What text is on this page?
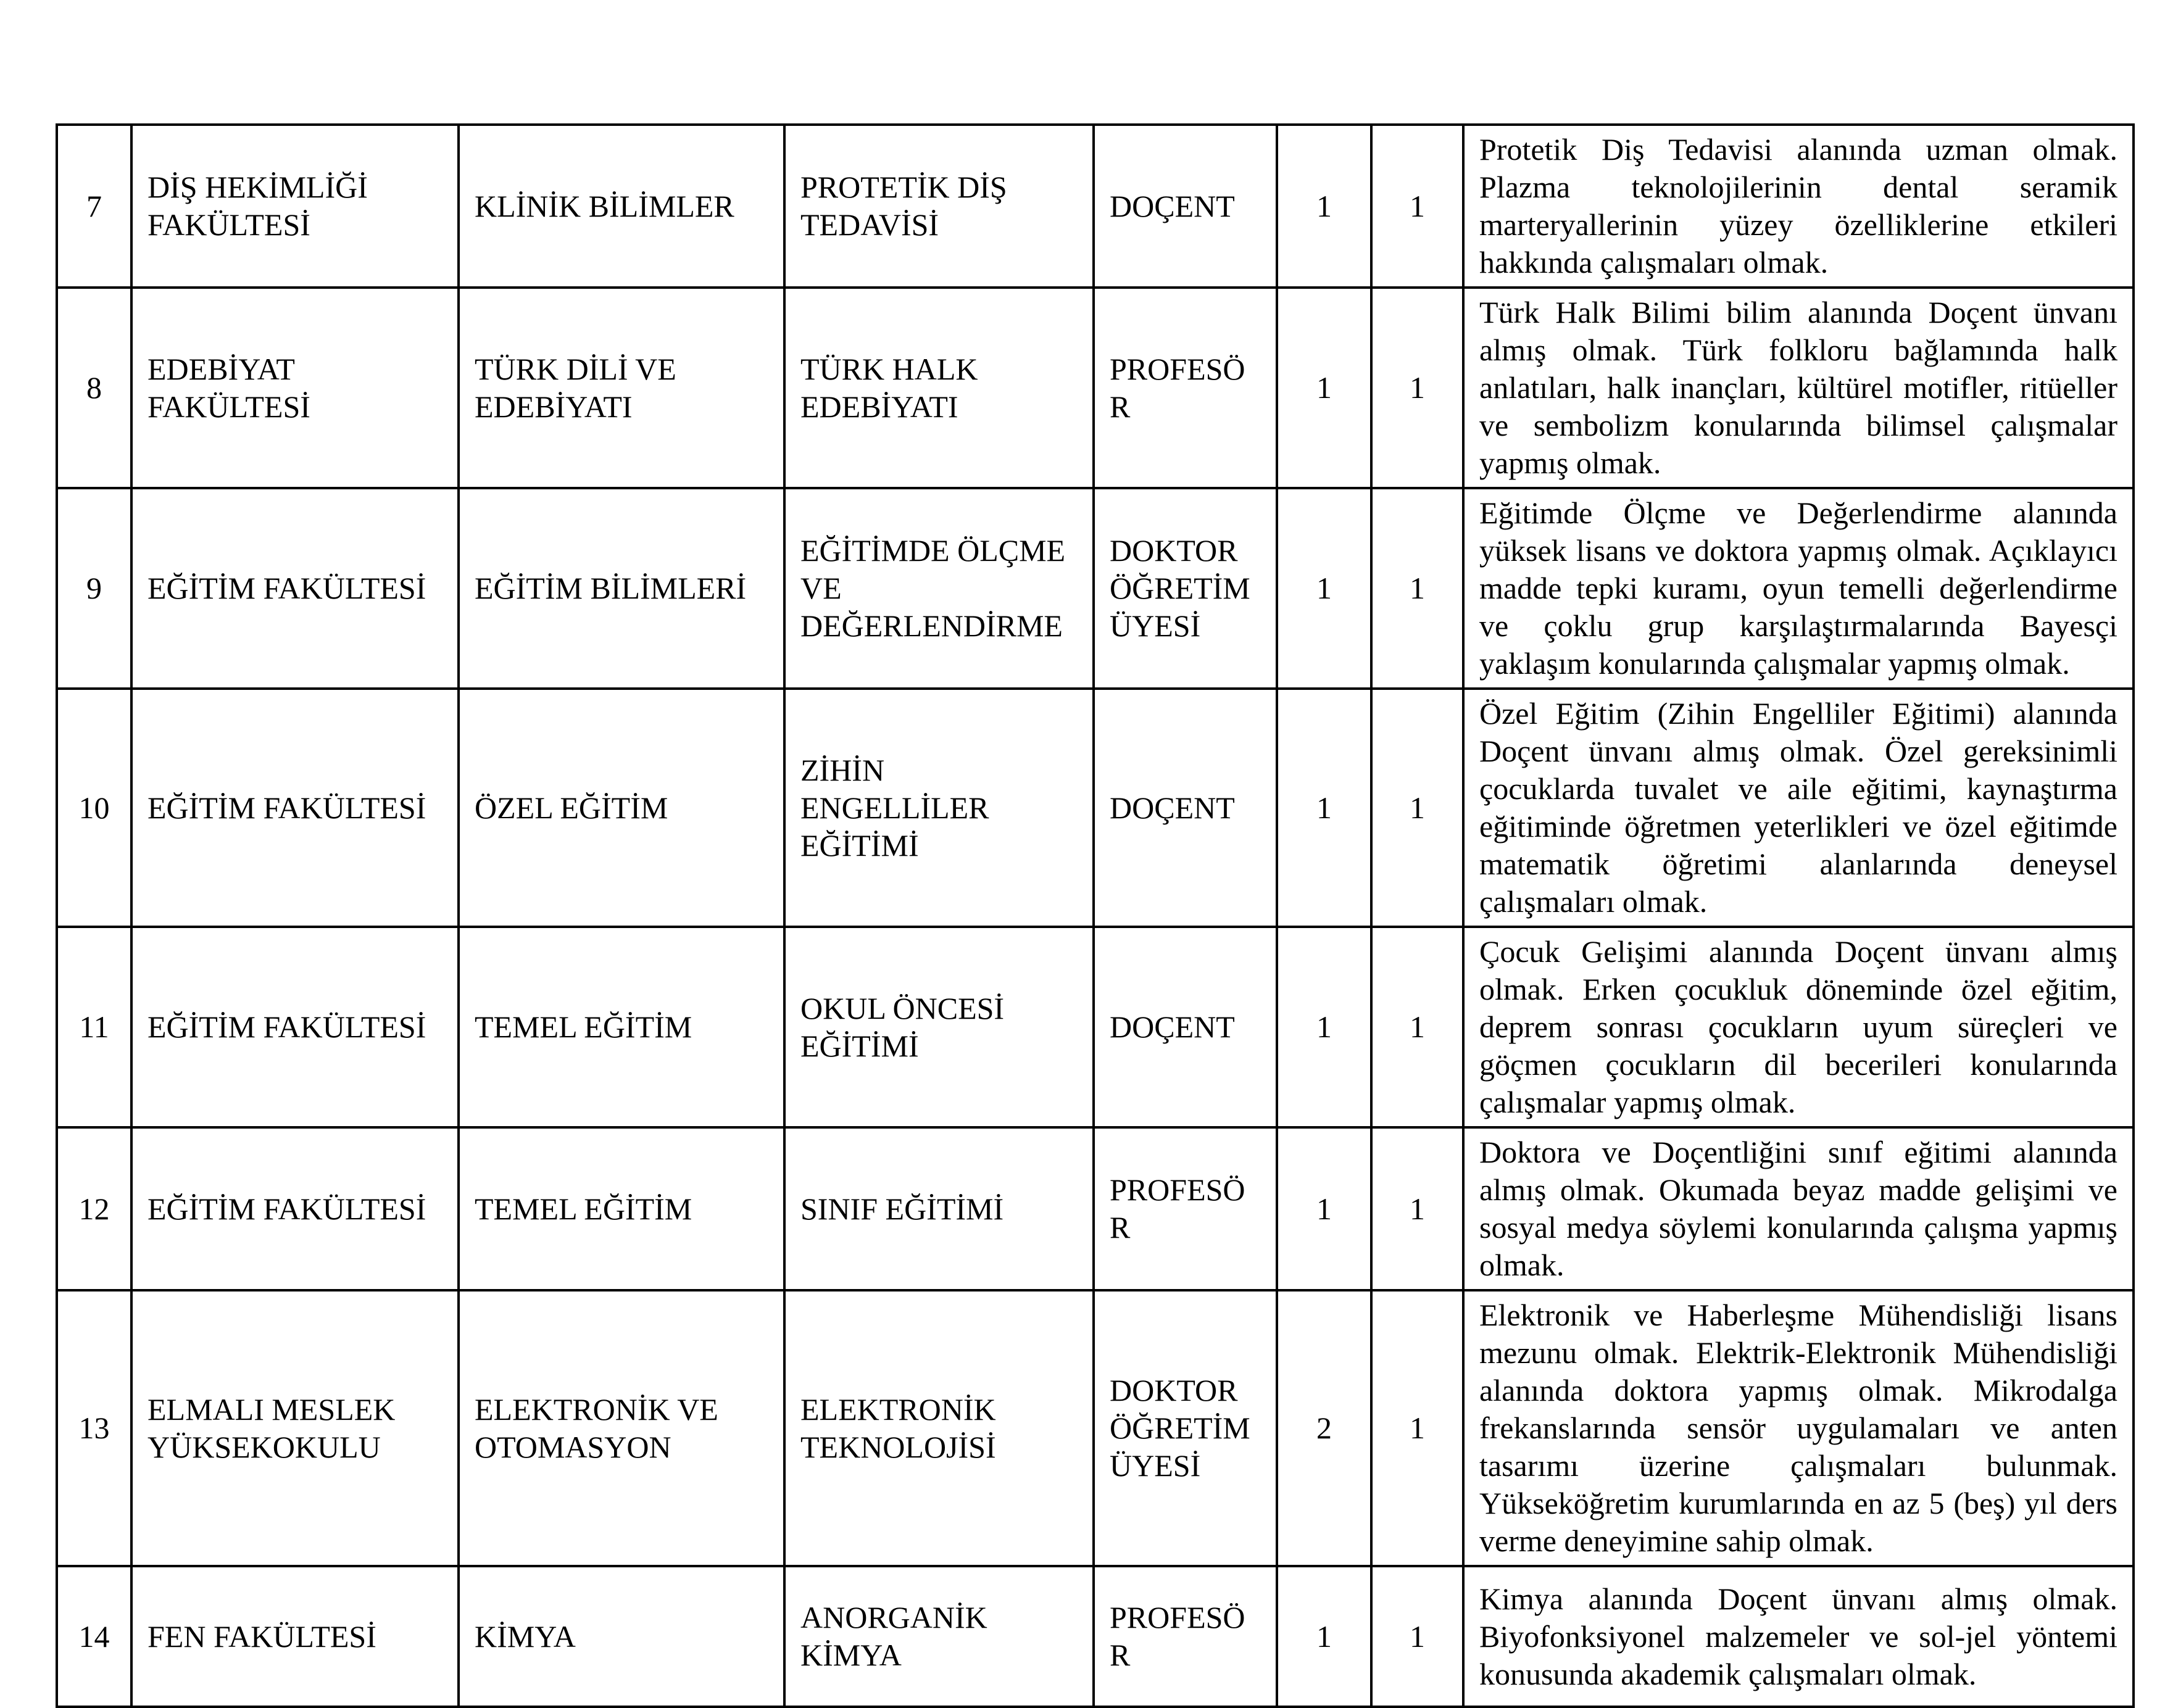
7	DİŞ HEKİMLİĞİ FAKÜLTESİ	KLİNİK BİLİMLER	PROTETİK DİŞ TEDAVİSİ	DOÇENT	1	1	Protetik Diş Tedavisi alanında uzman olmak. Plazma teknolojilerinin dental seramik marteryallerinin yüzey özelliklerine etkileri hakkında çalışmaları olmak.
8	EDEBİYAT FAKÜLTESİ	TÜRK DİLİ VE EDEBİYATI	TÜRK HALK EDEBİYATI	PROFESÖR	1	1	Türk Halk Bilimi bilim alanında Doçent ünvanı almış olmak. Türk folkloru bağlamında halk anlatıları, halk inançları, kültürel motifler, ritüeller ve sembolizm konularında bilimsel çalışmalar yapmış olmak.
9	EĞİTİM FAKÜLTESİ	EĞİTİM BİLİMLERİ	EĞİTİMDE ÖLÇME VE DEĞERLENDİRME	DOKTOR ÖĞRETİM ÜYESİ	1	1	Eğitimde Ölçme ve Değerlendirme alanında yüksek lisans ve doktora yapmış olmak. Açıklayıcı madde tepki kuramı, oyun temelli değerlendirme ve çoklu grup karşılaştırmalarında Bayesçi yaklaşım konularında çalışmalar yapmış olmak.
10	EĞİTİM FAKÜLTESİ	ÖZEL EĞİTİM	ZİHİN ENGELLİLER EĞİTİMİ	DOÇENT	1	1	Özel Eğitim (Zihin Engelliler Eğitimi) alanında Doçent ünvanı almış olmak. Özel gereksinimli çocuklarda tuvalet ve aile eğitimi, kaynaştırma eğitiminde öğretmen yeterlikleri ve özel eğitimde matematik öğretimi alanlarında deneysel çalışmaları olmak.
11	EĞİTİM FAKÜLTESİ	TEMEL EĞİTİM	OKUL ÖNCESİ EĞİTİMİ	DOÇENT	1	1	Çocuk Gelişimi alanında Doçent ünvanı almış olmak. Erken çocukluk döneminde özel eğitim, deprem sonrası çocukların uyum süreçleri ve göçmen çocukların dil becerileri konularında çalışmalar yapmış olmak.
12	EĞİTİM FAKÜLTESİ	TEMEL EĞİTİM	SINIF EĞİTİMİ	PROFESÖR	1	1	Doktora ve Doçentliğini sınıf eğitimi alanında almış olmak. Okumada beyaz madde gelişimi ve sosyal medya söylemi konularında çalışma yapmış olmak.
13	ELMALI MESLEK YÜKSEKOKULU	ELEKTRONİK VE OTOMASYON	ELEKTRONİK TEKNOLOJİSİ	DOKTOR ÖĞRETİM ÜYESİ	2	1	Elektronik ve Haberleşme Mühendisliği lisans mezunu olmak. Elektrik-Elektronik Mühendisliği alanında doktora yapmış olmak. Mikrodalga frekanslarında sensör uygulamaları ve anten tasarımı üzerine çalışmaları bulunmak. Yükseköğretim kurumlarında en az 5 (beş) yıl ders verme deneyimine sahip olmak.
14	FEN FAKÜLTESİ	KİMYA	ANORGANİK KİMYA	PROFESÖR	1	1	Kimya alanında Doçent ünvanı almış olmak. Biyofonksiyonel malzemeler ve sol-jel yöntemi konusunda akademik çalışmaları olmak.
